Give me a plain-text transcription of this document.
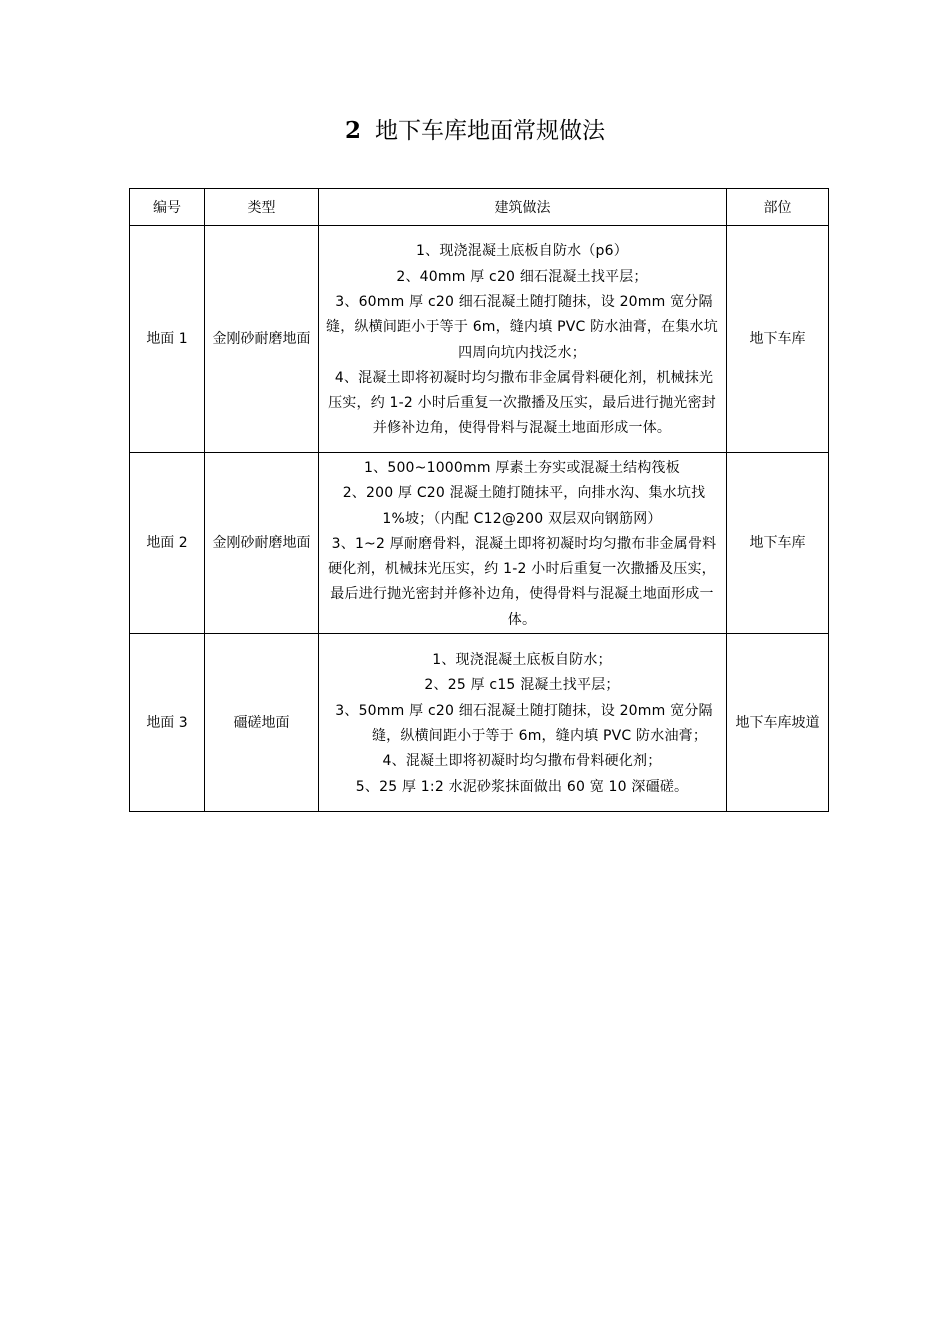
2 地下车库地面常规做法
编号	类型	建筑做法	部位
地面 1	金刚砂耐磨地面	1、现浇混凝土底板自防水（p6）
2、40mm 厚 c20 细石混凝土找平层；
3、60mm 厚 c20 细石混凝土随打随抹，设 20mm 宽分隔缝，纵横间距小于等于 6m，缝内填 PVC 防水油膏，在集水坑四周向坑内找泛水；
4、混凝土即将初凝时均匀撒布非金属骨料硬化剂，机械抹光压实，约 1-2 小时后重复一次撒播及压实，最后进行抛光密封并修补边角，使得骨料与混凝土地面形成一体。	地下车库
地面 2	金刚砂耐磨地面	1、500~1000mm 厚素土夯实或混凝土结构筏板
2、200 厚 C20 混凝土随打随抹平，向排水沟、集水坑找 1%坡；（内配 C12@200 双层双向钢筋网）
3、1~2 厚耐磨骨料，混凝土即将初凝时均匀撒布非金属骨料硬化剂，机械抹光压实，约 1-2 小时后重复一次撒播及压实，最后进行抛光密封并修补边角，使得骨料与混凝土地面形成一体。	地下车库
地面 3	礓磋地面	1、现浇混凝土底板自防水；
2、25 厚 c15 混凝土找平层；
3、50mm 厚 c20 细石混凝土随打随抹，设 20mm 宽分隔缝，纵横间距小于等于 6m，缝内填 PVC 防水油膏；
4、混凝土即将初凝时均匀撒布骨料硬化剂；
5、25 厚 1:2 水泥砂浆抹面做出 60 宽 10 深礓磋。	地下车库坡道
